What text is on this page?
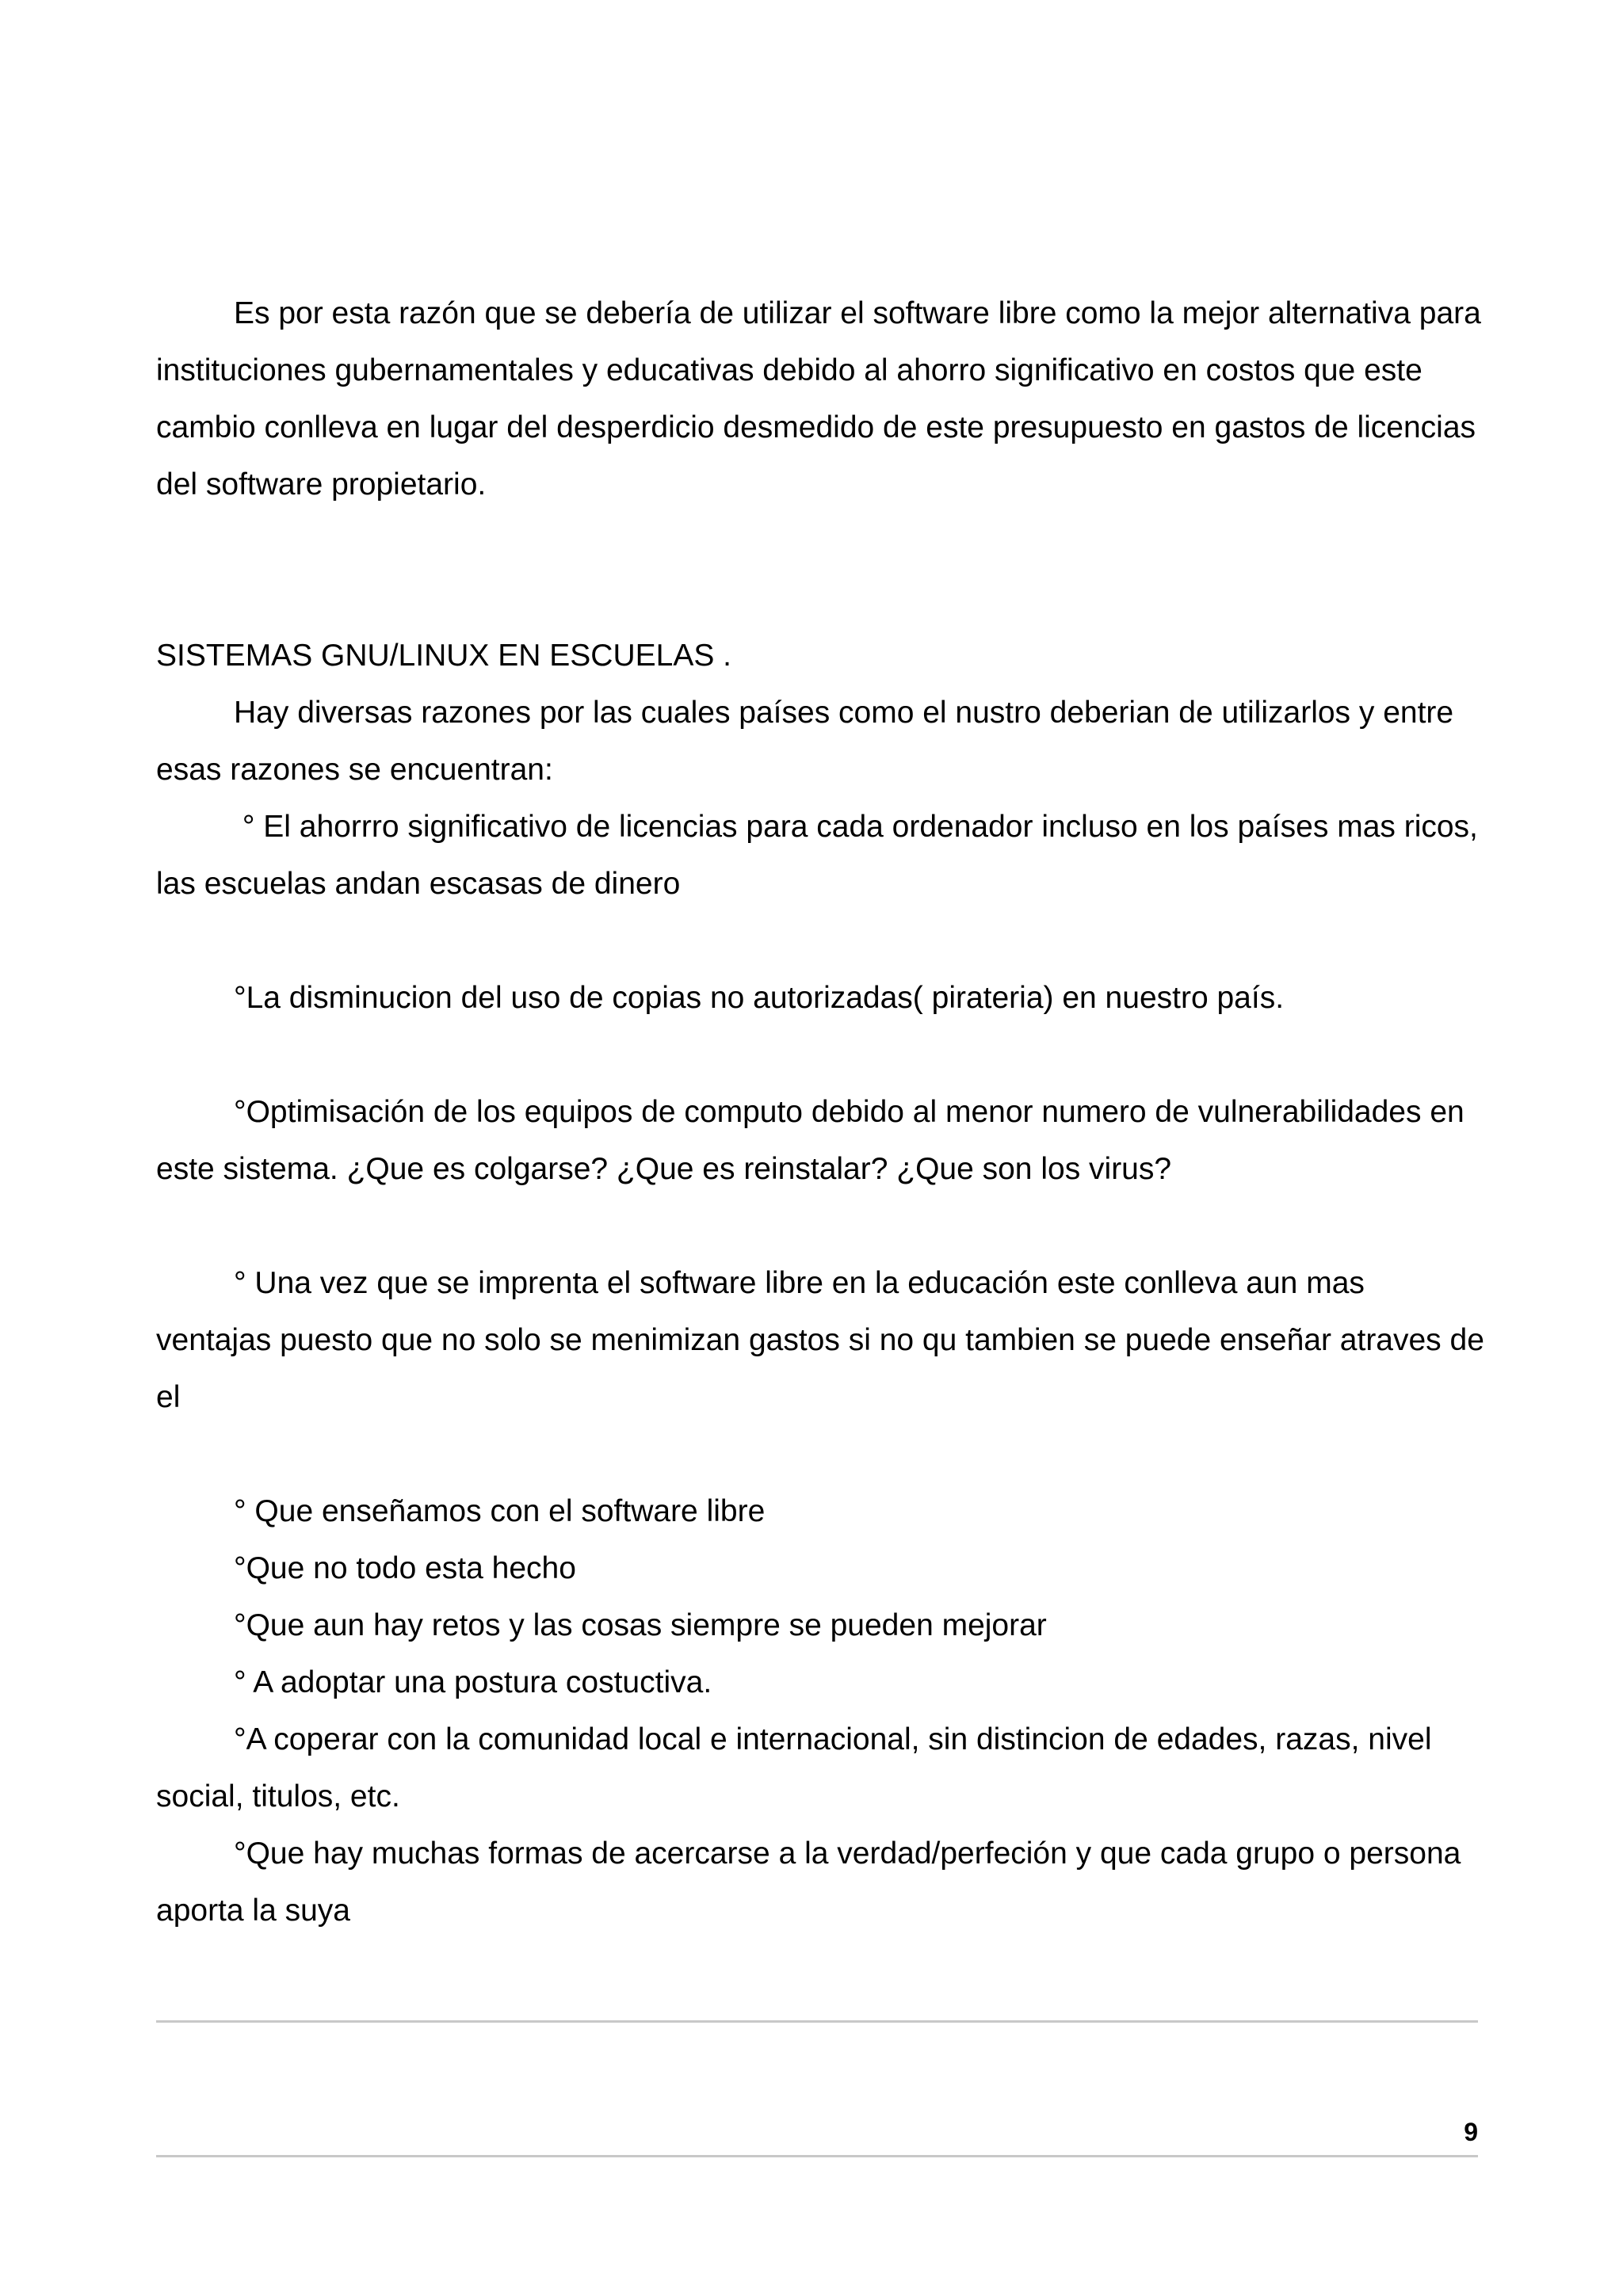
Es por esta razón que se debería de utilizar el software libre como la mejor alternativa para instituciones gubernamentales y educativas debido al ahorro significativo en costos que este cambio conlleva en lugar del desperdicio desmedido de este presupuesto en gastos de licencias del software propietario.

SISTEMAS GNU/LINUX EN ESCUELAS .

Hay diversas razones por las cuales países como el nustro deberian de utilizarlos y entre esas razones se encuentran:

° El ahorrro significativo de licencias para cada ordenador incluso en los países mas ricos, las escuelas andan escasas de dinero

°La disminucion del uso de copias no autorizadas( pirateria) en nuestro país.

°Optimisación de los equipos de computo debido al menor numero de vulnerabilidades en este sistema. ¿Que es colgarse? ¿Que es reinstalar? ¿Que son los virus?

° Una vez que se imprenta el software libre en la educación este conlleva aun mas ventajas puesto que no solo se menimizan gastos si no qu tambien se puede enseñar atraves de el

° Que enseñamos con el software libre

°Que no todo esta hecho

°Que aun hay retos y las cosas siempre se pueden mejorar

° A adoptar una postura costuctiva.

°A coperar con la comunidad local e internacional, sin distincion de edades, razas, nivel social, titulos, etc.

°Que hay muchas formas de acercarse a la verdad/perfeción y que cada grupo o persona aporta la suya

9
